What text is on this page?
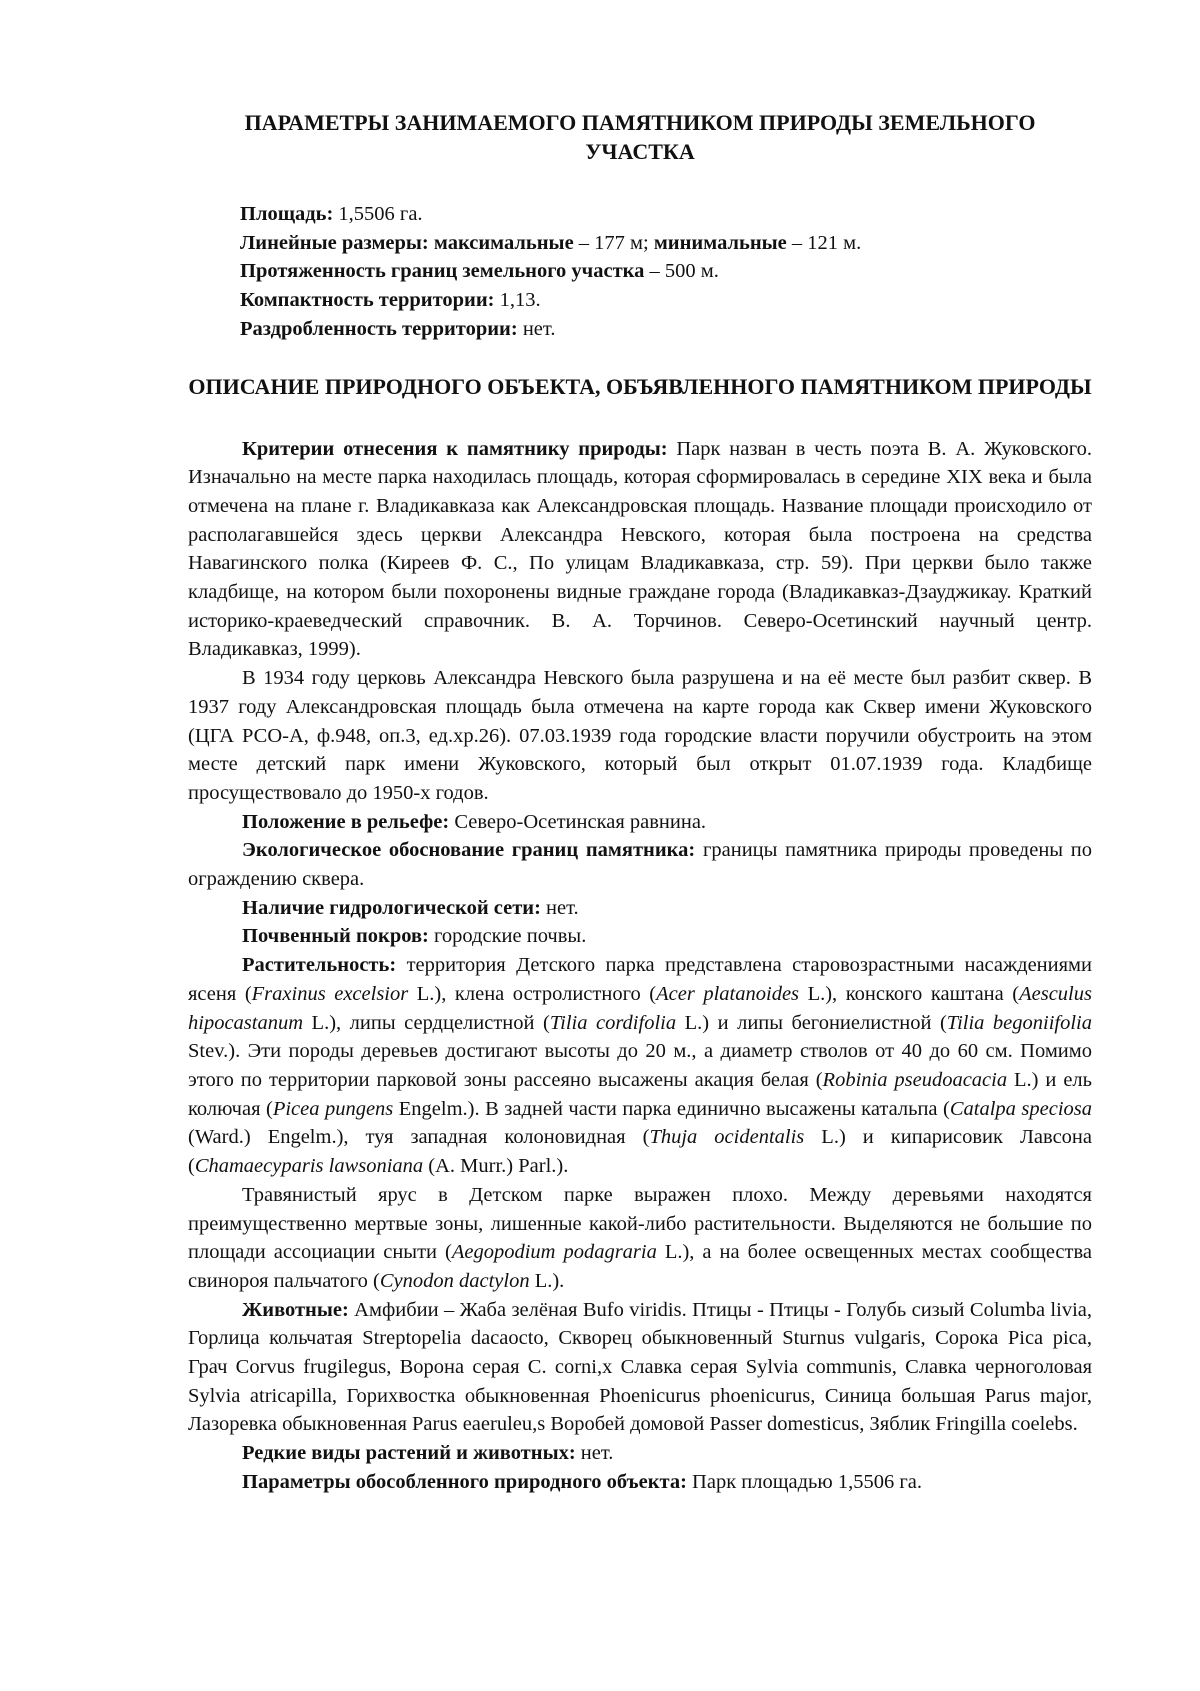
ПАРАМЕТРЫ ЗАНИМАЕМОГО ПАМЯТНИКОМ ПРИРОДЫ ЗЕМЕЛЬНОГО УЧАСТКА

Площадь: 1,5506 га.

Линейные размеры: максимальные – 177 м; минимальные – 121 м.

Протяженность границ земельного участка – 500 м.

Компактность территории: 1,13.

Раздробленность территории: нет.

ОПИСАНИЕ ПРИРОДНОГО ОБЪЕКТА, ОБЪЯВЛЕННОГО ПАМЯТНИКОМ ПРИРОДЫ

Критерии отнесения к памятнику природы: Парк назван в честь поэта В. А. Жуковского. Изначально на месте парка находилась площадь, которая сформировалась в середине XIX века и была отмечена на плане г. Владикавказа как Александровская площадь. Название площади происходило от располагавшейся здесь церкви Александра Невского, которая была построена на средства Навагинского полка (Киреев Ф. С., По улицам Владикавказа, стр. 59). При церкви было также кладбище, на котором были похоронены видные граждане города (Владикавказ-Дзауджикау. Краткий историко-краеведческий справочник. В. А. Торчинов. Северо-Осетинский научный центр. Владикавказ, 1999).

В 1934 году церковь Александра Невского была разрушена и на её месте был разбит сквер. В 1937 году Александровская площадь была отмечена на карте города как Сквер имени Жуковского (ЦГА РСО-А, ф.948, оп.3, ед.хр.26). 07.03.1939 года городские власти поручили обустроить на этом месте детский парк имени Жуковского, который был открыт 01.07.1939 года. Кладбище просуществовало до 1950-х годов.

Положение в рельефе: Северо-Осетинская равнина.

Экологическое обоснование границ памятника: границы памятника природы проведены по ограждению сквера.

Наличие гидрологической сети: нет.

Почвенный покров: городские почвы.

Растительность: территория Детского парка представлена старовозрастными насаждениями ясеня (Fraxinus excelsior L.), клена остролистного (Acer platanoides L.), конского каштана (Aesculus hipocastanum L.), липы сердцелистной (Tilia cordifolia L.) и липы бегониелистной (Tilia begoniifolia Stev.). Эти породы деревьев достигают высоты до 20 м., а диаметр стволов от 40 до 60 см. Помимо этого по территории парковой зоны рассеяно высажены акация белая (Robinia pseudoacacia L.) и ель колючая (Picea pungens Engelm.). В задней части парка единично высажены катальпа (Catalpa speciosa (Ward.) Engelm.), туя западная колоновидная (Thuja ocidentalis L.) и кипарисовик Лавсона (Chamaecyparis lawsoniana (A. Murr.) Parl.).

Травянистый ярус в Детском парке выражен плохо. Между деревьями находятся преимущественно мертвые зоны, лишенные какой-либо растительности. Выделяются не большие по площади ассоциации сныти (Aegopodium podagraria L.), а на более освещенных местах сообщества свинороя пальчатого (Cynodon dactylon L.).

Животные: Амфибии – Жаба зелёная Bufo viridis. Птицы - Птицы - Голубь сизый Columba livia, Горлица кольчатая Streptopelia dacaocto, Скворец обыкновенный Sturnus vulgaris, Сорока Pica pica, Грач Corvus frugilegus, Ворона серая C. corni,x Славка серая Sylvia communis, Славка черноголовая Sylvia atricapilla, Горихвостка обыкновенная Phoenicurus phoenicurus, Синица большая Parus major, Лазоревка обыкновенная Parus eaeruleu,s Воробей домовой Passer domesticus, Зяблик Fringilla coelebs.

Редкие виды растений и животных: нет.

Параметры обособленного природного объекта: Парк площадью 1,5506 га.
